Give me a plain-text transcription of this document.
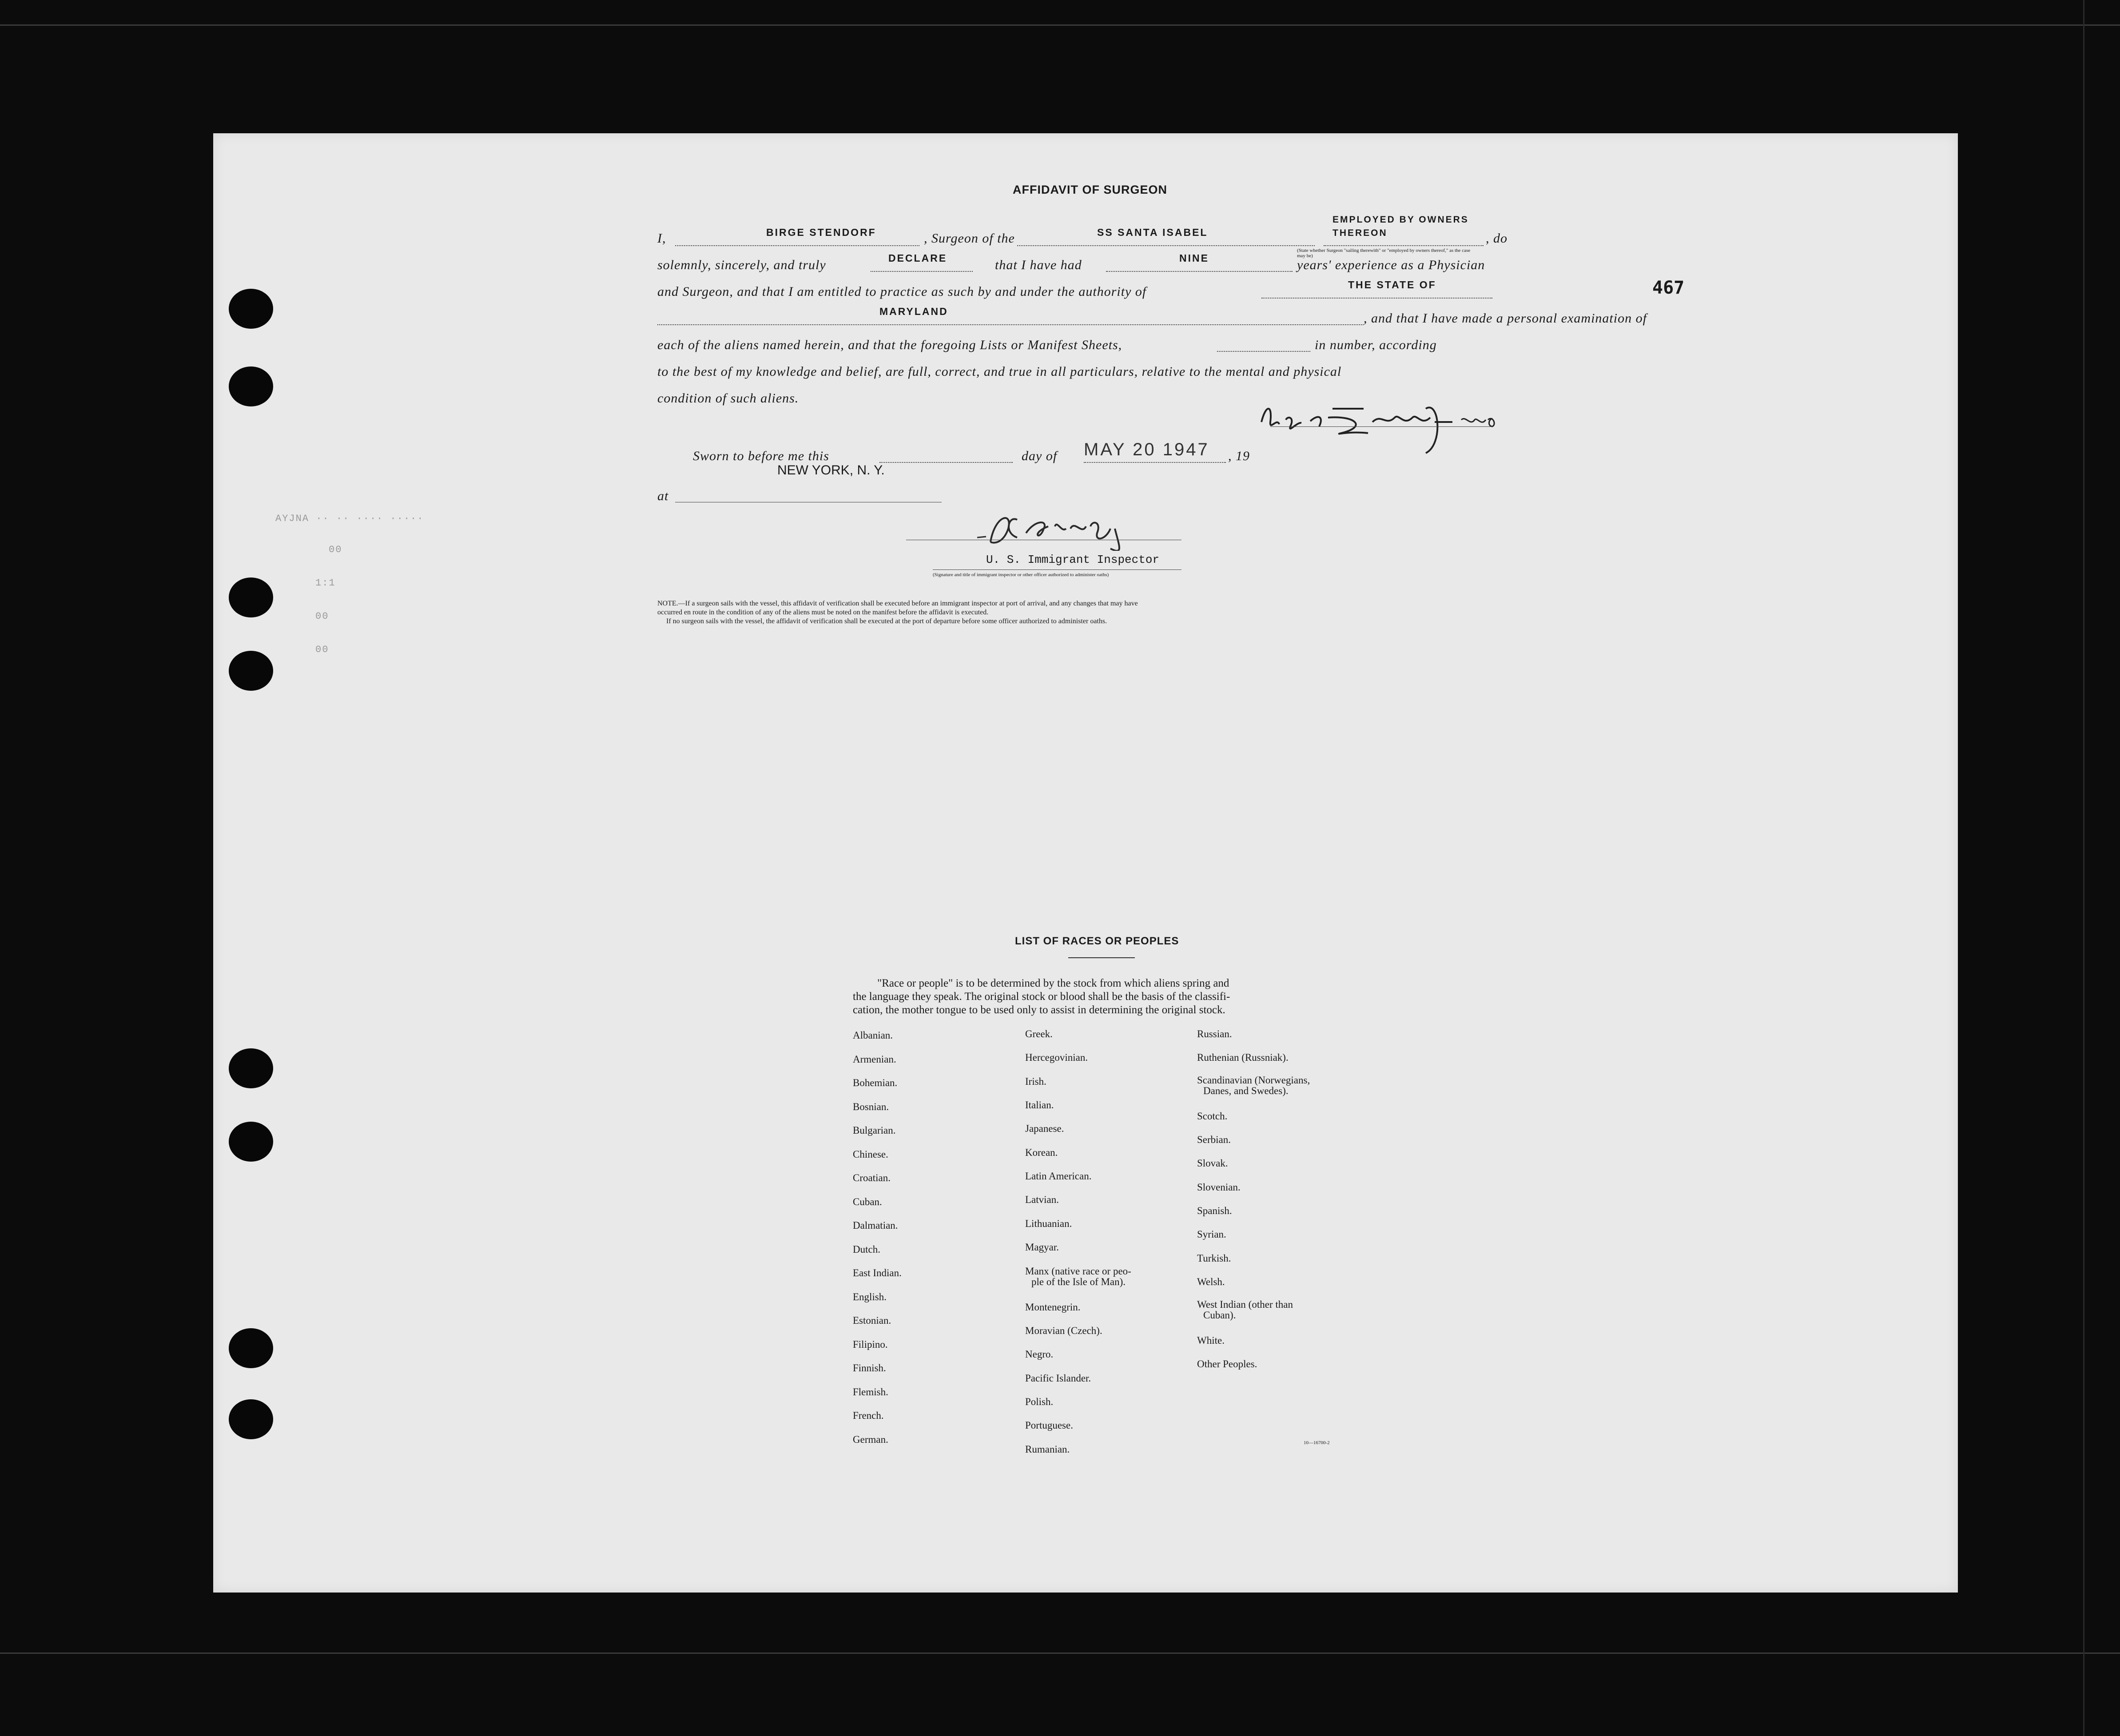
467
AYJNA ·· ·· ···· ·····
00
1:1
00
00
AFFIDAVIT OF SURGEON
I,	BIRGE STENDORF	, Surgeon of the	SS SANTA ISABEL
EMPLOYED BY OWNERS THEREON
(State whether Surgeon "sailing therewith" or "employed by owners thereof," as the case may be)
, do
solemnly, sincerely, and truly	DECLARE	that I have had	NINE	years' experience as a Physician
and Surgeon, and that I am entitled to practice as such by and under the authority of	THE STATE OF
MARYLAND	, and that I have made a personal examination of
each of the aliens named herein, and that the foregoing Lists or Manifest Sheets,	in number, according
to the best of my knowledge and belief, are full, correct, and true in all particulars, relative to the mental and physical
condition of such aliens.
Sworn to before me this	day of MAY 20 1947 , 19
NEW YORK, N. Y.
at
U. S. Immigrant Inspector
(Signature and title of immigrant inspector or other officer authorized to administer oaths)
NOTE.—If a surgeon sails with the vessel, this affidavit of verification shall be executed before an immigrant inspector at port of arrival, and any changes that may have
occurred en route in the condition of any of the aliens must be noted on the manifest before the affidavit is executed.
If no surgeon sails with the vessel, the affidavit of verification shall be executed at the port of departure before some officer authorized to administer oaths.
LIST OF RACES OR PEOPLES
"Race or people" is to be determined by the stock from which aliens spring and
the language they speak. The original stock or blood shall be the basis of the classifi-
cation, the mother tongue to be used only to assist in determining the original stock.
Albanian.
Armenian.
Bohemian.
Bosnian.
Bulgarian.
Chinese.
Croatian.
Cuban.
Dalmatian.
Dutch.
East Indian.
English.
Estonian.
Filipino.
Finnish.
Flemish.
French.
German.
Greek.
Hercegovinian.
Irish.
Italian.
Japanese.
Korean.
Latin American.
Latvian.
Lithuanian.
Magyar.
Manx (native race or peo-
ple of the Isle of Man).
Montenegrin.
Moravian (Czech).
Negro.
Pacific Islander.
Polish.
Portuguese.
Rumanian.
Russian.
Ruthenian (Russniak).
Scandinavian (Norwegians,
Danes, and Swedes).
Scotch.
Serbian.
Slovak.
Slovenian.
Spanish.
Syrian.
Turkish.
Welsh.
West Indian (other than
Cuban).
White.
Other Peoples.
10—16700-2
